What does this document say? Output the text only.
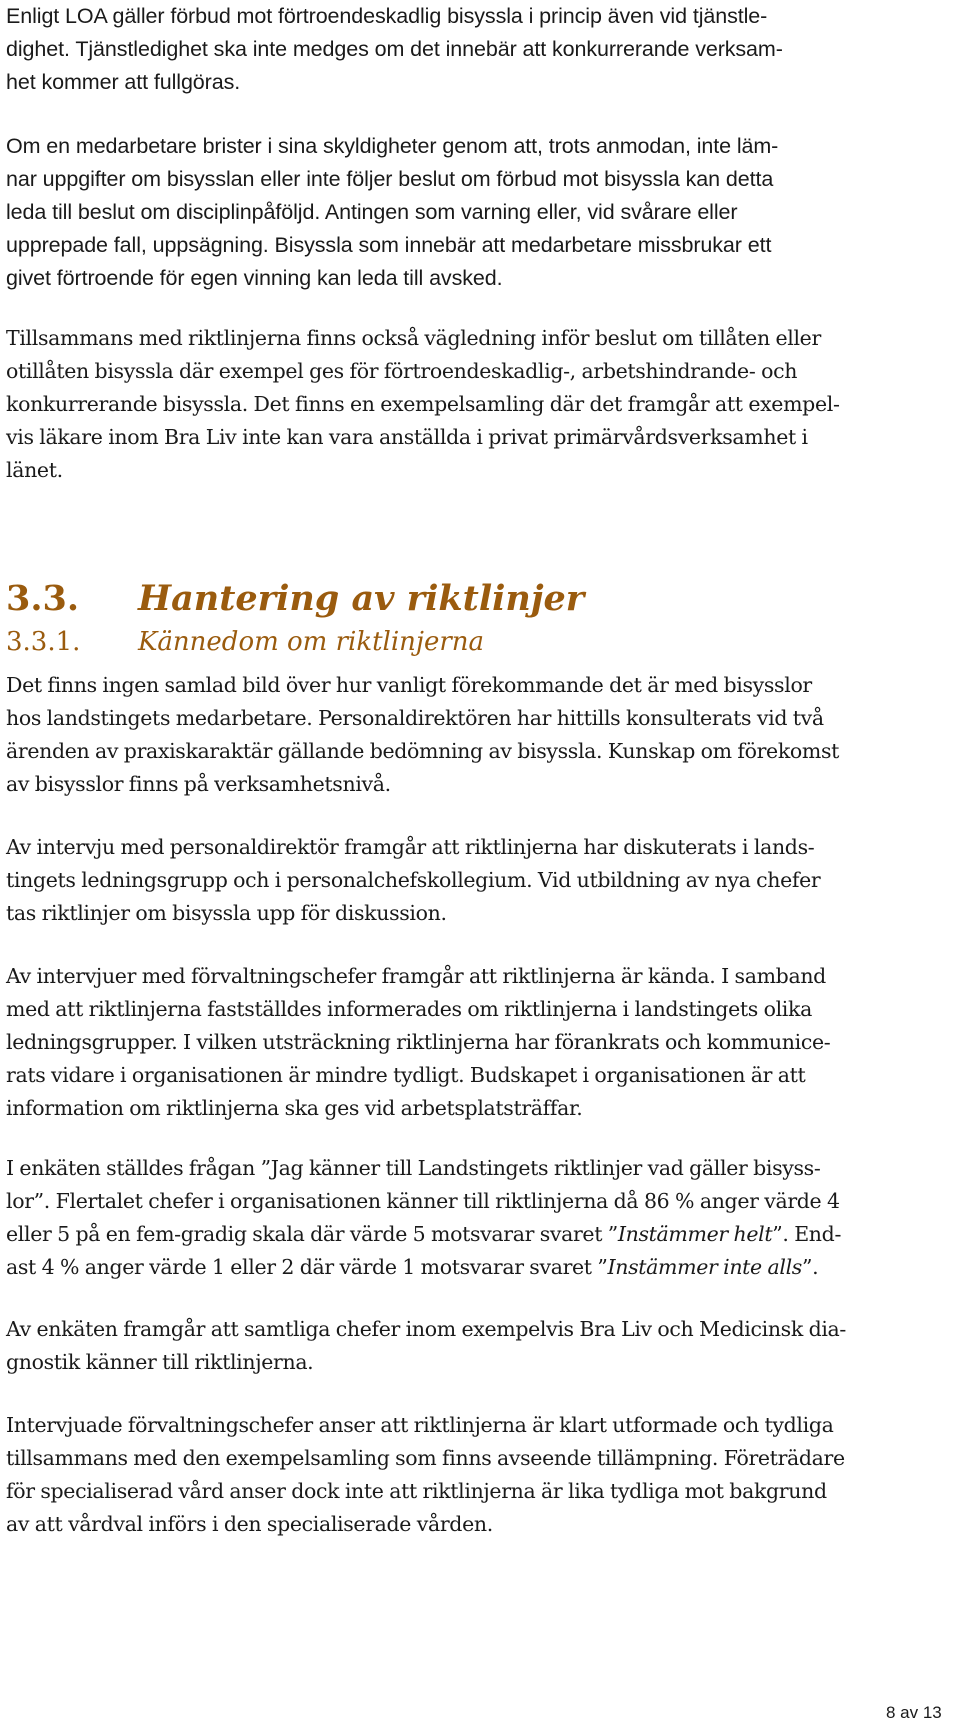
Enligt LOA gäller förbud mot förtroendeskadlig bisyssla i princip även vid tjänstle-
dighet. Tjänstledighet ska inte medges om det innebär att konkurrerande verksam-
het kommer att fullgöras.

Om en medarbetare brister i sina skyldigheter genom att, trots anmodan, inte läm-
nar uppgifter om bisysslan eller inte följer beslut om förbud mot bisyssla kan detta
leda till beslut om disciplinpåföljd. Antingen som varning eller, vid svårare eller
upprepade fall, uppsägning. Bisyssla som innebär att medarbetare missbrukar ett
givet förtroende för egen vinning kan leda till avsked.

Tillsammans med riktlinjerna finns också vägledning inför beslut om tillåten eller
otillåten bisyssla där exempel ges för förtroendeskadlig-, arbetshindrande- och
konkurrerande bisyssla. Det finns en exempelsamling där det framgår att exempel-
vis läkare inom Bra Liv inte kan vara anställda i privat primärvårdsverksamhet i
länet.

3.3. Hantering av riktlinjer
3.3.1. Kännedom om riktlinjerna

Det finns ingen samlad bild över hur vanligt förekommande det är med bisysslor
hos landstingets medarbetare. Personaldirektören har hittills konsulterats vid två
ärenden av praxiskaraktär gällande bedömning av bisyssla. Kunskap om förekomst
av bisysslor finns på verksamhetsnivå.

Av intervju med personaldirektör framgår att riktlinjerna har diskuterats i lands-
tingets ledningsgrupp och i personalchefskollegium. Vid utbildning av nya chefer
tas riktlinjer om bisyssla upp för diskussion.

Av intervjuer med förvaltningschefer framgår att riktlinjerna är kända. I samband
med att riktlinjerna fastställdes informerades om riktlinjerna i landstingets olika
ledningsgrupper. I vilken utsträckning riktlinjerna har förankrats och kommunice-
rats vidare i organisationen är mindre tydligt. Budskapet i organisationen är att
information om riktlinjerna ska ges vid arbetsplatsträffar.

I enkäten ställdes frågan ”Jag känner till Landstingets riktlinjer vad gäller bisyss-
lor”. Flertalet chefer i organisationen känner till riktlinjerna då 86 % anger värde 4
eller 5 på en fem-gradig skala där värde 5 motsvarar svaret ”Instämmer helt”. End-
ast 4 % anger värde 1 eller 2 där värde 1 motsvarar svaret ”Instämmer inte alls”.

Av enkäten framgår att samtliga chefer inom exempelvis Bra Liv och Medicinsk dia-
gnostik känner till riktlinjerna.

Intervjuade förvaltningschefer anser att riktlinjerna är klart utformade och tydliga
tillsammans med den exempelsamling som finns avseende tillämpning. Företrädare
för specialiserad vård anser dock inte att riktlinjerna är lika tydliga mot bakgrund
av att vårdval införs i den specialiserade vården.

8 av 13
